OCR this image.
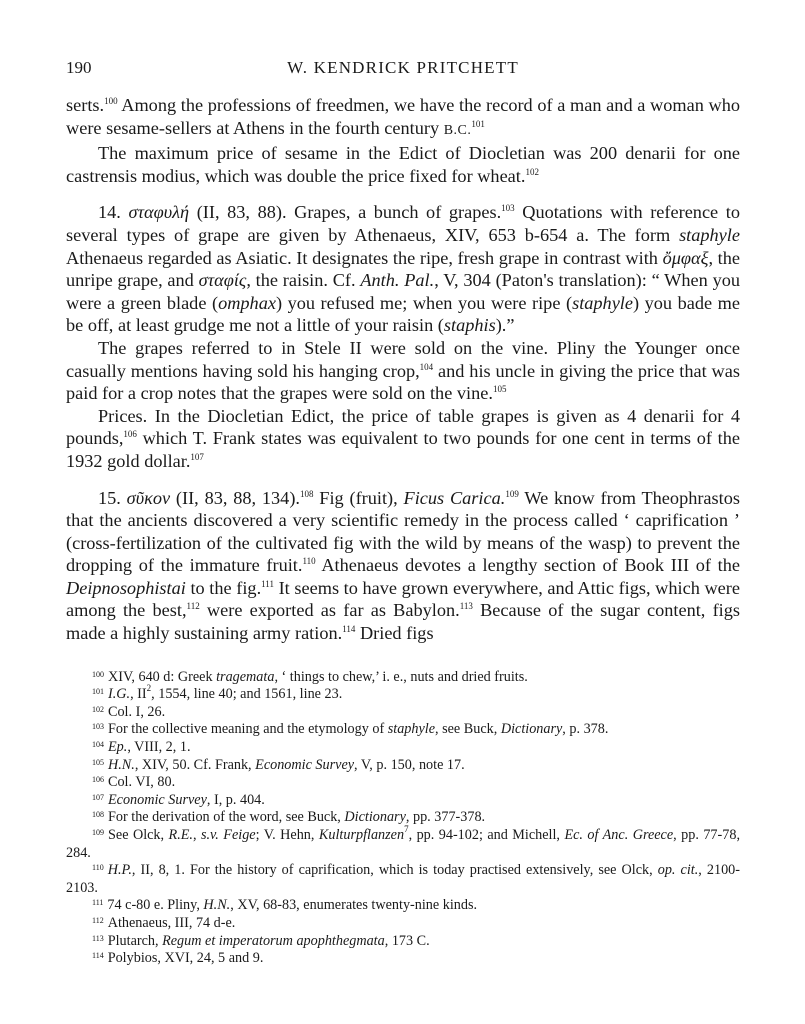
190	W. KENDRICK PRITCHETT

serts.$^{100}$ Among the professions of freedmen, we have the record of a man and a woman who were sesame-sellers at Athens in the fourth century B.C.$^{101}$

The maximum price of sesame in the Edict of Diocletian was 200 denarii for one castrensis modius, which was double the price fixed for wheat.$^{102}$

14. σταφυλή (II, 83, 88). Grapes, a bunch of grapes.$^{103}$ Quotations with reference to several types of grape are given by Athenaeus, XIV, 653 b-654 a. The form staphyle Athenaeus regarded as Asiatic. It designates the ripe, fresh grape in contrast with ὄμφαξ, the unripe grape, and σταφίς, the raisin. Cf. Anth. Pal., V, 304 (Paton's translation): “ When you were a green blade (omphax) you refused me; when you were ripe (staphyle) you bade me be off, at least grudge me not a little of your raisin (staphis).”

The grapes referred to in Stele II were sold on the vine. Pliny the Younger once casually mentions having sold his hanging crop,$^{104}$ and his uncle in giving the price that was paid for a crop notes that the grapes were sold on the vine.$^{105}$

Prices. In the Diocletian Edict, the price of table grapes is given as 4 denarii for 4 pounds,$^{106}$ which T. Frank states was equivalent to two pounds for one cent in terms of the 1932 gold dollar.$^{107}$

15. σῦκον (II, 83, 88, 134).$^{108}$ Fig (fruit), Ficus Carica.$^{109}$ We know from Theophrastos that the ancients discovered a very scientific remedy in the process called ‘ caprification ’ (cross-fertilization of the cultivated fig with the wild by means of the wasp) to prevent the dropping of the immature fruit.$^{110}$ Athenaeus devotes a lengthy section of Book III of the Deipnosophistai to the fig.$^{111}$ It seems to have grown everywhere, and Attic figs, which were among the best,$^{112}$ were exported as far as Babylon.$^{113}$ Because of the sugar content, figs made a highly sustaining army ration.$^{114}$ Dried figs

$^{100}$ XIV, 640 d: Greek tragemata, ‘ things to chew,’ i. e., nuts and dried fruits.
$^{101}$ I.G., $II^2$, 1554, line 40; and 1561, line 23.
$^{102}$ Col. I, 26.
$^{103}$ For the collective meaning and the etymology of staphyle, see Buck, Dictionary, p. 378.
$^{104}$ Ep., VIII, 2, 1.
$^{105}$ H.N., XIV, 50. Cf. Frank, Economic Survey, V, p. 150, note 17.
$^{106}$ Col. VI, 80.
$^{107}$ Economic Survey, I, p. 404.
$^{108}$ For the derivation of the word, see Buck, Dictionary, pp. 377-378.
$^{109}$ See Olck, R.E., s.v. Feige; V. Hehn, Kulturpflanzen$^7$, pp. 94-102; and Michell, Ec. of Anc. Greece, pp. 77-78, 284.
$^{110}$ H.P., II, 8, 1. For the history of caprification, which is today practised extensively, see Olck, op. cit., 2100-2103.
$^{111}$ 74 c-80 e. Pliny, H.N., XV, 68-83, enumerates twenty-nine kinds.
$^{112}$ Athenaeus, III, 74 d-e.
$^{113}$ Plutarch, Regum et imperatorum apophthegmata, 173 C.
$^{114}$ Polybios, XVI, 24, 5 and 9.
